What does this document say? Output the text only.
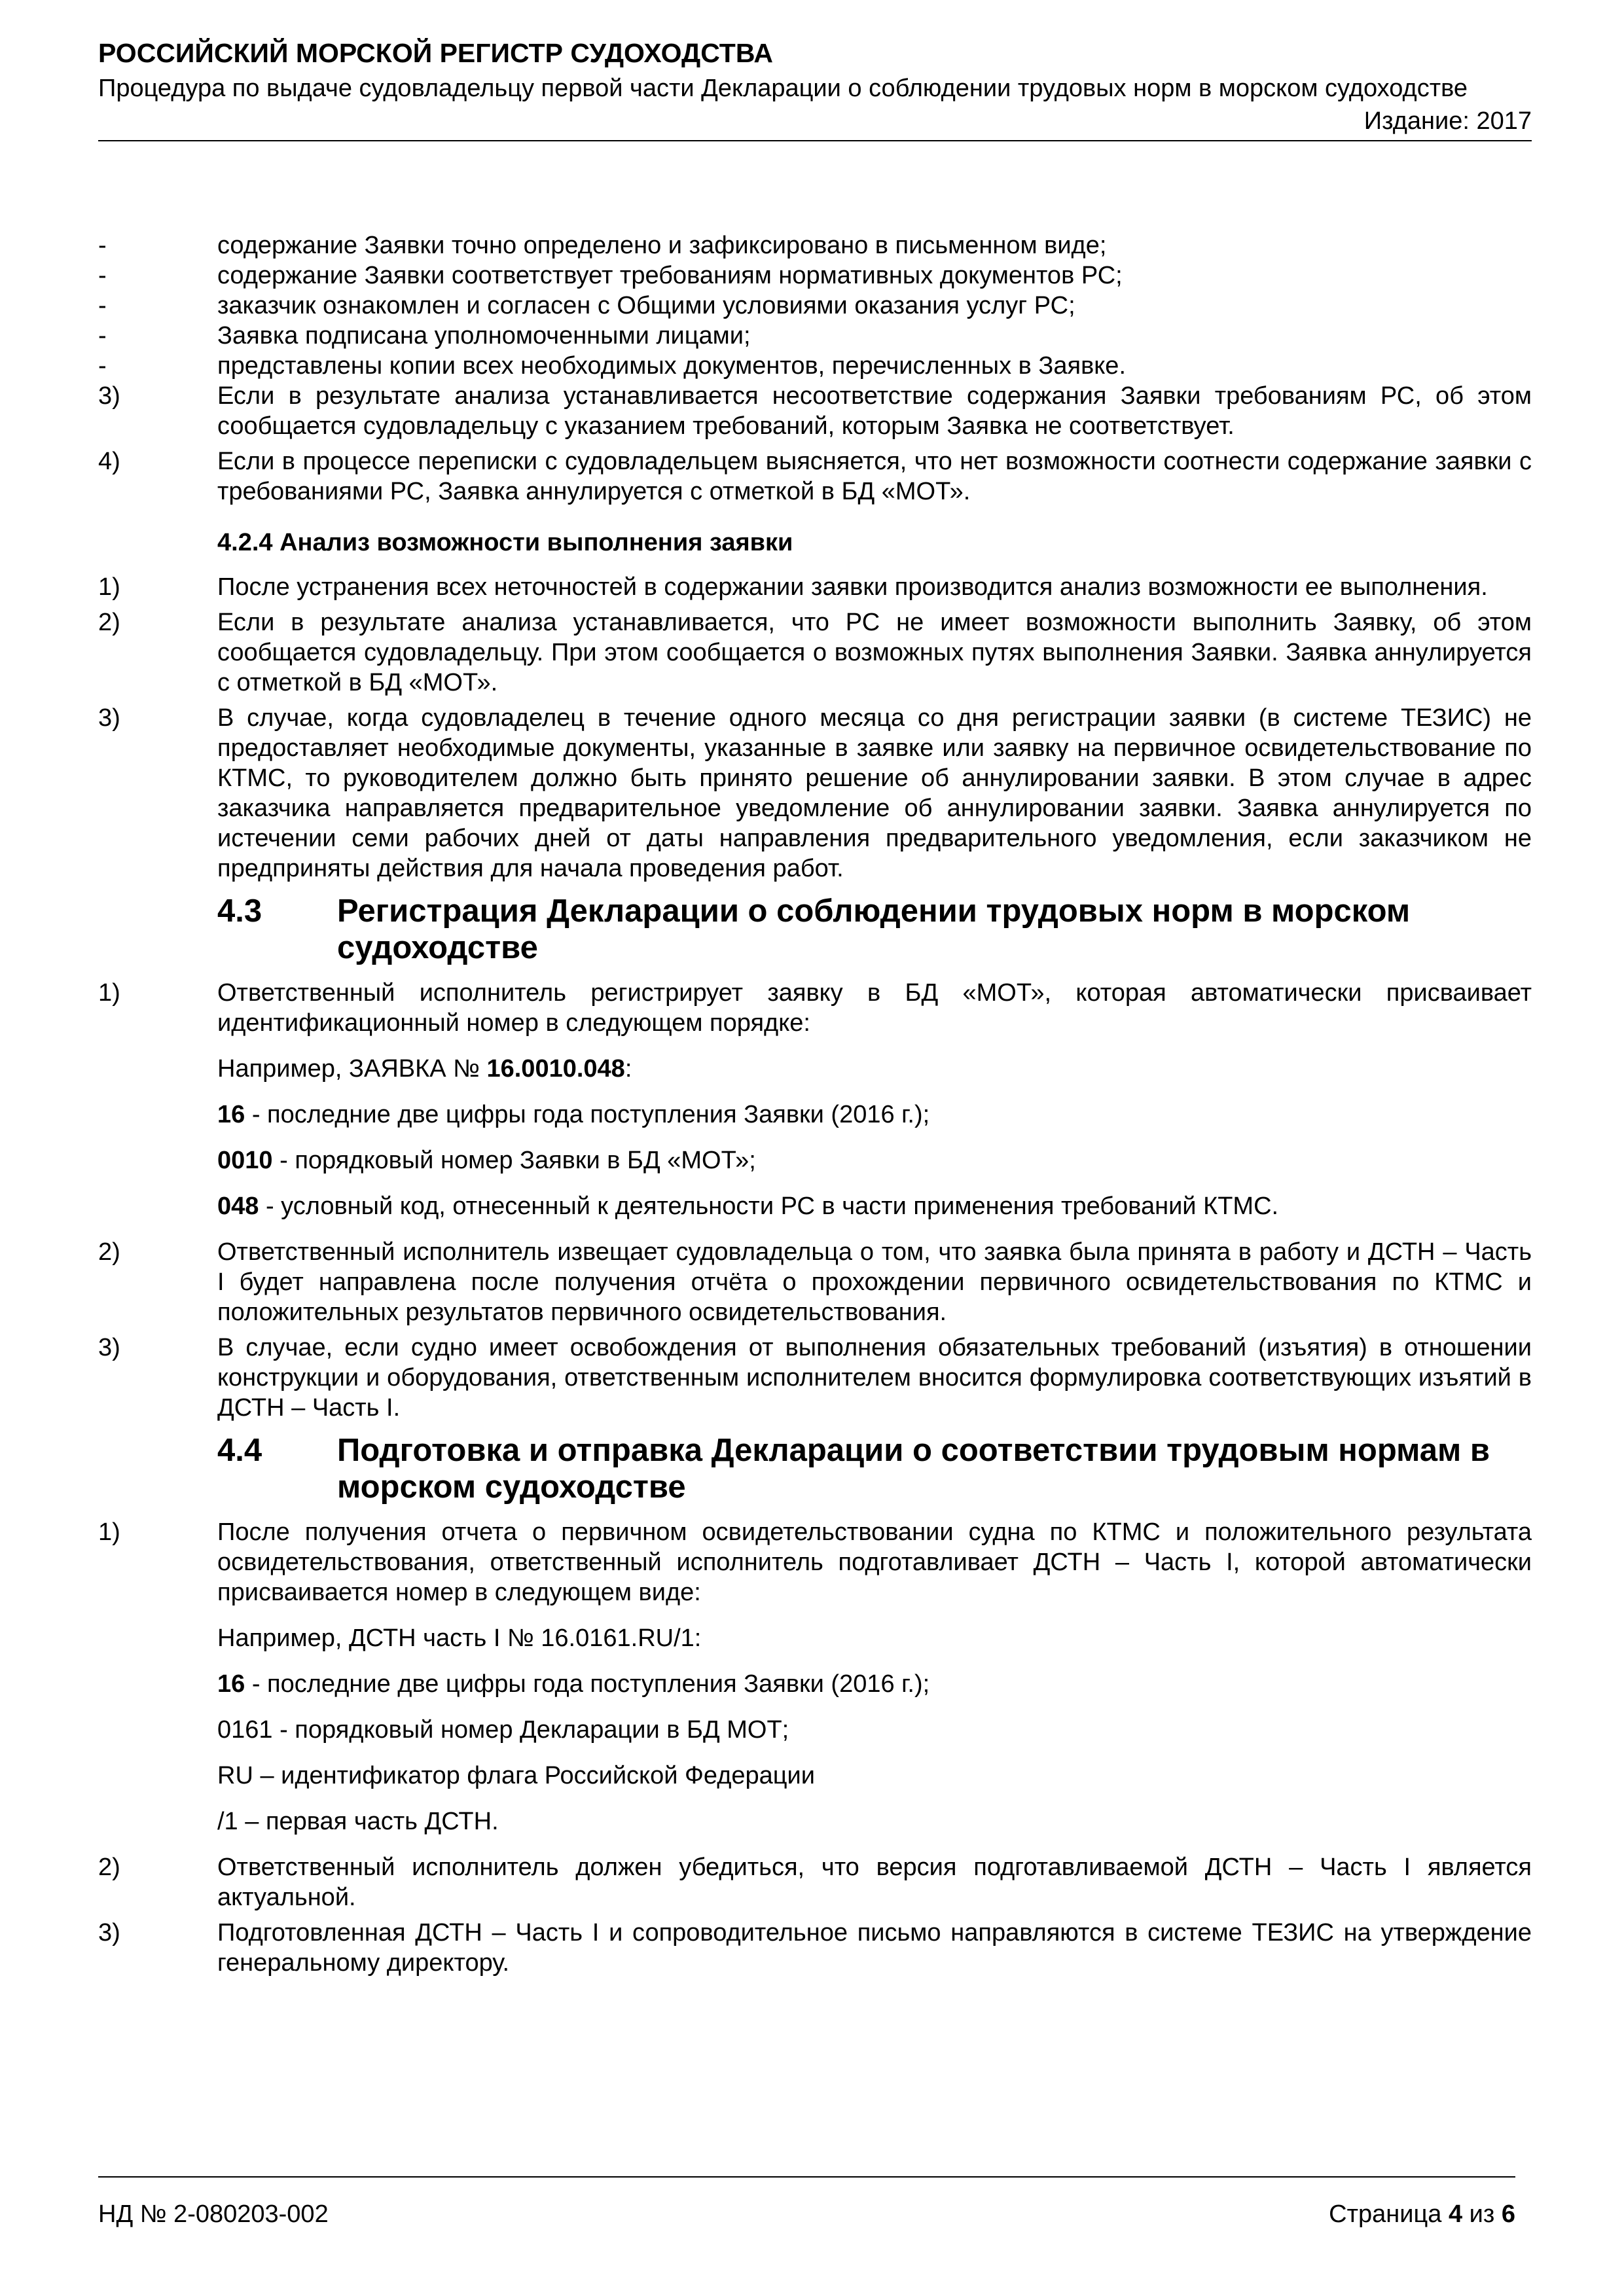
РОССИЙСКИЙ МОРСКОЙ РЕГИСТР СУДОХОДСТВА
Процедура по выдаче судовладельцу первой части Декларации о соблюдении трудовых норм в морском судоходстве
Издание: 2017
-	содержание Заявки точно определено и зафиксировано в письменном виде;
-	содержание Заявки соответствует требованиям нормативных документов РС;
-	заказчик ознакомлен и согласен с Общими условиями оказания услуг РС;
-	Заявка подписана уполномоченными лицами;
-	представлены копии всех необходимых документов, перечисленных в Заявке.
3)	Если в результате анализа устанавливается несоответствие содержания Заявки требованиям РС, об этом сообщается судовладельцу с указанием требований, которым Заявка не соответствует.
4)	Если в процессе переписки с судовладельцем выясняется, что нет возможности соотнести содержание заявки с требованиями РС, Заявка аннулируется с отметкой в БД «МОТ».
4.2.4 Анализ возможности выполнения заявки
1)	После устранения всех неточностей в содержании заявки производится анализ возможности ее выполнения.
2)	Если в результате анализа устанавливается, что РС не имеет возможности выполнить Заявку, об этом сообщается судовладельцу. При этом сообщается о возможных путях выполнения Заявки. Заявка аннулируется с отметкой в БД «МОТ».
3)	В случае, когда судовладелец в течение одного месяца со дня регистрации заявки (в системе ТЕЗИС) не предоставляет необходимые документы, указанные в заявке или заявку на первичное освидетельствование по КТМС, то руководителем должно быть принято решение об аннулировании заявки. В этом случае в адрес заказчика направляется предварительное уведомление об аннулировании заявки. Заявка аннулируется по истечении семи рабочих дней от даты направления предварительного уведомления, если заказчиком не предприняты действия для начала проведения работ.
4.3	Регистрация Декларации о соблюдении трудовых норм в морском судоходстве
1)	Ответственный исполнитель регистрирует заявку в БД «МОТ», которая автоматически присваивает идентификационный номер в следующем порядке:
Например, ЗАЯВКА № 16.0010.048:
16 - последние две цифры года поступления Заявки (2016 г.);
0010 - порядковый номер Заявки в БД «МОТ»;
048 - условный код, отнесенный к деятельности РС в части применения требований КТМС.
2)	Ответственный исполнитель извещает судовладельца о том, что заявка была принята в работу и ДСТН – Часть I будет направлена после получения отчёта о прохождении первичного освидетельствования по КТМС и положительных результатов первичного освидетельствования.
3)	В случае, если судно имеет освобождения от выполнения обязательных требований (изъятия) в отношении конструкции и оборудования, ответственным исполнителем вносится формулировка соответствующих изъятий в ДСТН – Часть I.
4.4	Подготовка и отправка Декларации о соответствии трудовым нормам в морском судоходстве
1)	После получения отчета о первичном освидетельствовании судна по КТМС и положительного результата освидетельствования, ответственный исполнитель подготавливает ДСТН – Часть I, которой автоматически присваивается номер в следующем виде:
Например, ДСТН часть I № 16.0161.RU/1:
16 - последние две цифры года поступления Заявки (2016 г.);
0161 - порядковый номер Декларации в БД МОТ;
RU – идентификатор флага Российской Федерации
/1 – первая часть ДСТН.
2)	Ответственный исполнитель должен убедиться, что версия подготавливаемой ДСТН – Часть I является актуальной.
3)	Подготовленная ДСТН – Часть I и сопроводительное письмо направляются в системе ТЕЗИС на утверждение генеральному директору.
НД № 2-080203-002	Страница 4 из 6
